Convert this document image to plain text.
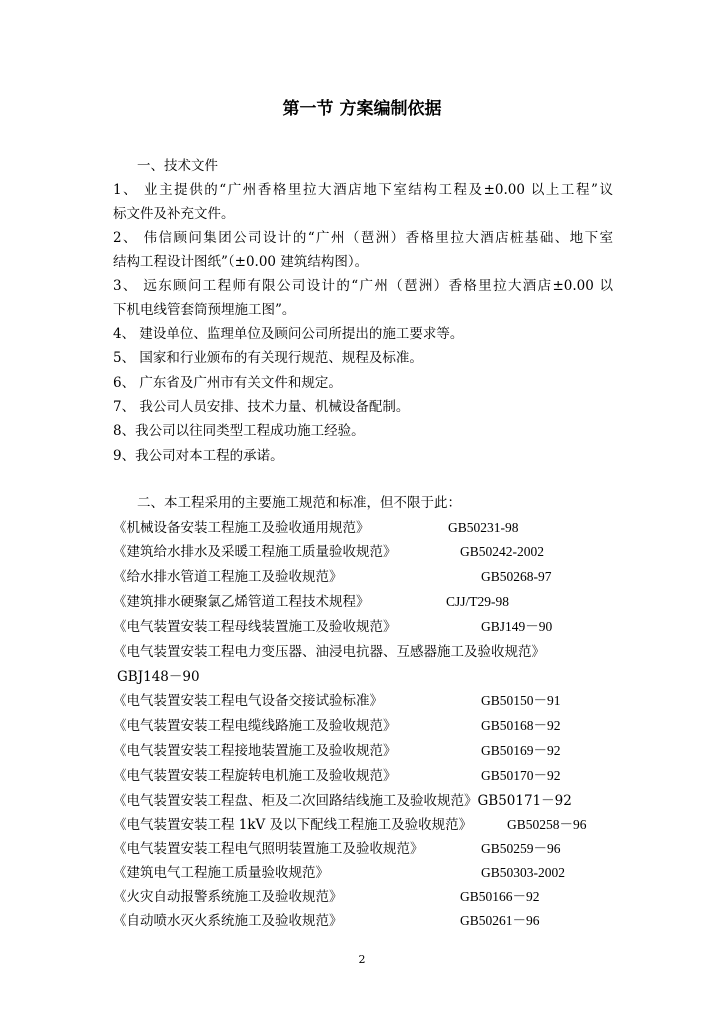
第一节 方案编制依据
一、技术文件
1、 业主提供的“广州香格里拉大酒店地下室结构工程及±0.00 以上工程”议
标文件及补充文件。
2、 伟信顾问集团公司设计的“广州（琶洲）香格里拉大酒店桩基础、地下室
结构工程设计图纸”（±0.00 建筑结构图）。
3、 远东顾问工程师有限公司设计的“广州（琶洲）香格里拉大酒店±0.00 以
下机电线管套筒预埋施工图”。
4、 建设单位、监理单位及顾问公司所提出的施工要求等。
5、 国家和行业颁布的有关现行规范、规程及标准。
6、 广东省及广州市有关文件和规定。
7、 我公司人员安排、技术力量、机械设备配制。
8、我公司以往同类型工程成功施工经验。
9、我公司对本工程的承诺。
二、本工程采用的主要施工规范和标准，但不限于此：
《机械设备安装工程施工及验收通用规范》	GB50231-98
《建筑给水排水及采暖工程施工质量验收规范》	GB50242-2002
《给水排水管道工程施工及验收规范》	GB50268-97
《建筑排水硬聚氯乙烯管道工程技术规程》	CJJ/T29-98
《电气装置安装工程母线装置施工及验收规范》	GBJ149－90
《电气装置安装工程电力变压器、油浸电抗器、互感器施工及验收规范》
GBJ148－90
《电气装置安装工程电气设备交接试验标准》	GB50150－91
《电气装置安装工程电缆线路施工及验收规范》	GB50168－92
《电气装置安装工程接地装置施工及验收规范》	GB50169－92
《电气装置安装工程旋转电机施工及验收规范》	GB50170－92
《电气装置安装工程盘、柜及二次回路结线施工及验收规范》GB50171－92
《电气装置安装工程 1kV 及以下配线工程施工及验收规范》	GB50258－96
《电气装置安装工程电气照明装置施工及验收规范》	GB50259－96
《建筑电气工程施工质量验收规范》	GB50303-2002
《火灾自动报警系统施工及验收规范》	GB50166－92
《自动喷水灭火系统施工及验收规范》	GB50261－96
2
